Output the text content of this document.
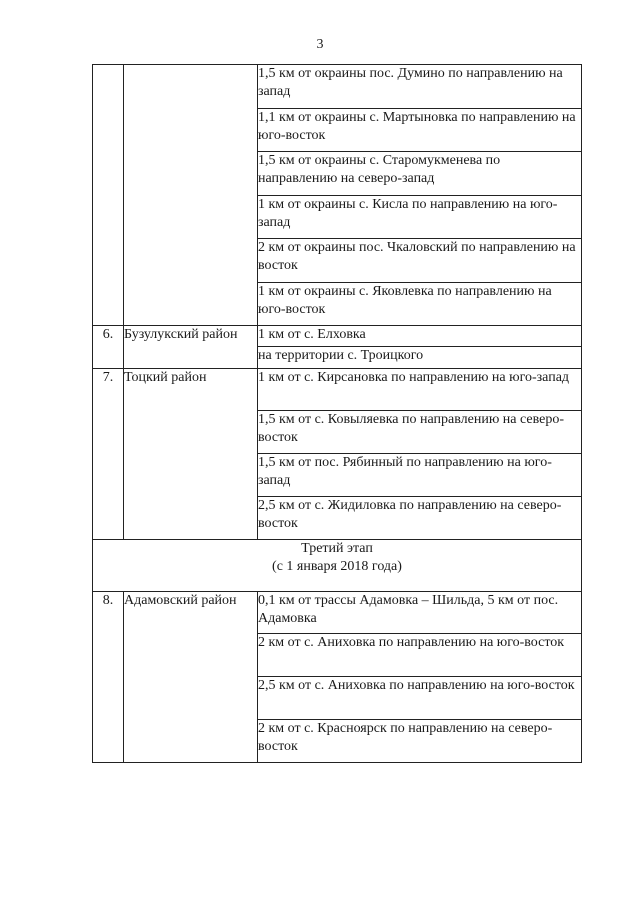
3
		1,5 км от окраины пос. Думино по направлению на запад
		1,1 км от окраины с. Мартыновка по направлению на юго-восток
		1,5 км от окраины с. Старомукменева по направлению на северо-запад
		1 км от окраины с. Кисла по направлению на юго-запад
		2 км от окраины пос. Чкаловский по направлению на восток
		1 км от окраины с. Яковлевка по направлению на юго-восток
6.	Бузулукский район	1 км от с. Елховка
		на территории с. Троицкого
7.	Тоцкий район	1 км от с. Кирсановка по направлению на юго-запад
		1,5 км от с. Ковыляевка по направлению на северо-восток
		1,5 км от пос. Рябинный по направлению на юго-запад
		2,5 км от с. Жидиловка по направлению на северо-восток

Третий этап
(с 1 января 2018 года)		

8.	Адамовский район	0,1 км от трассы Адамовка – Шильда, 5 км от пос. Адамовка
		2 км от с. Аниховка по направлению на юго-восток
		2,5 км от с. Аниховка по направлению на юго-восток
		2 км от с. Красноярск по направлению на северо-восток
